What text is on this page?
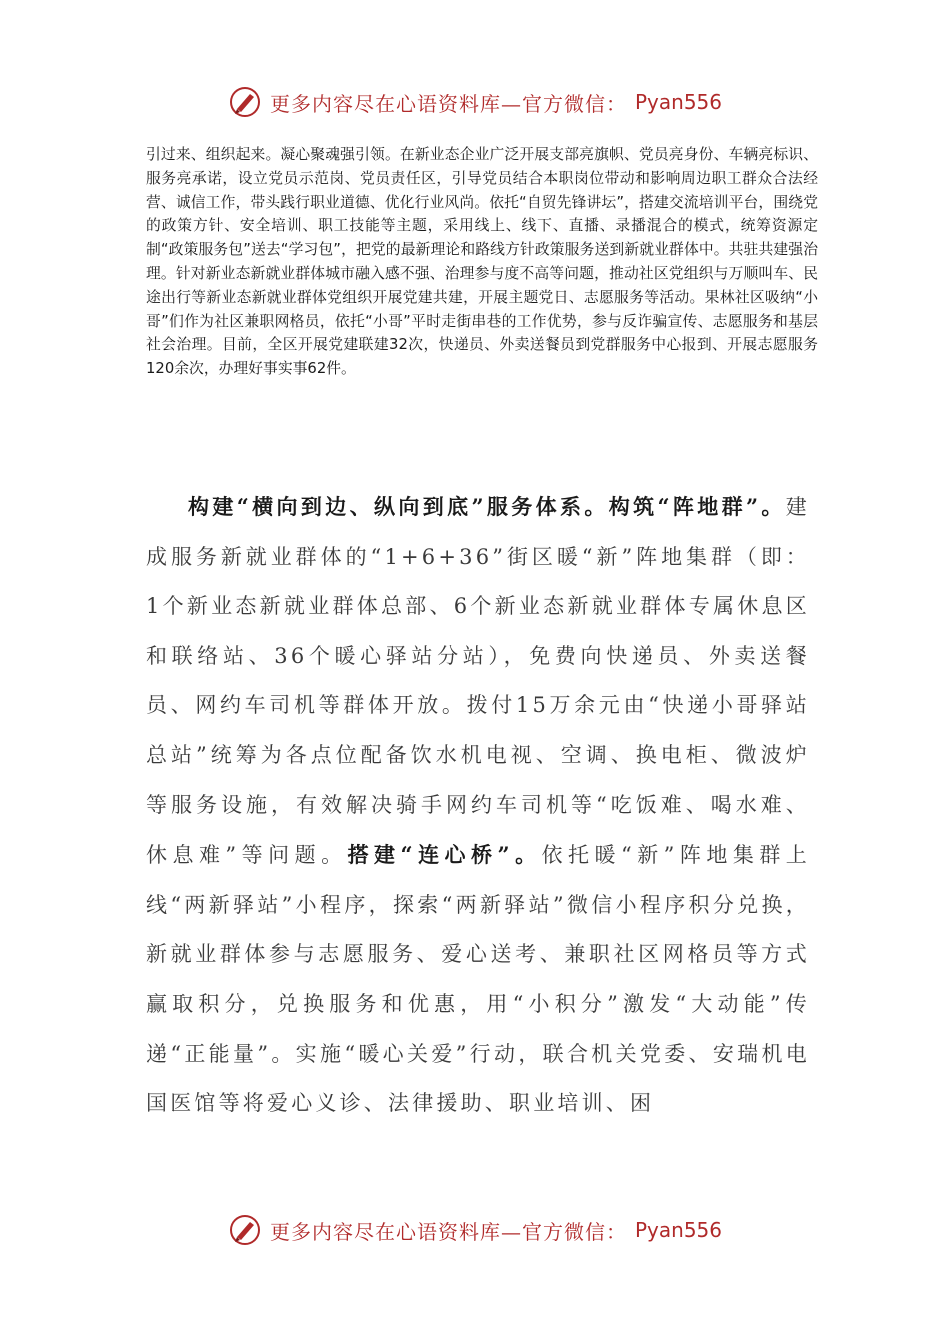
更多内容尽在心语资料库—官方微信： Pyan556

引过来、组织起来。凝心聚魂强引领。在新业态企业广泛开展支部亮旗帜、党员亮身份、车辆亮标识、服务亮承诺，设立党员示范岗、党员责任区，引导党员结合本职岗位带动和影响周边职工群众合法经营、诚信工作，带头践行职业道德、优化行业风尚。依托“自贸先锋讲坛”，搭建交流培训平台，围绕党的政策方针、安全培训、职工技能等主题，采用线上、线下、直播、录播混合的模式，统筹资源定制“政策服务包”送去“学习包”，把党的最新理论和路线方针政策服务送到新就业群体中。共驻共建强治理。针对新业态新就业群体城市融入感不强、治理参与度不高等问题，推动社区党组织与万顺叫车、民途出行等新业态新就业群体党组织开展党建共建，开展主题党日、志愿服务等活动。果林社区吸纳“小哥”们作为社区兼职网格员，依托“小哥”平时走街串巷的工作优势，参与反诈骗宣传、志愿服务和基层社会治理。目前，全区开展党建联建32次，快递员、外卖送餐员到党群服务中心报到、开展志愿服务120余次，办理好事实事62件。

构建“横向到边、纵向到底”服务体系。构筑“阵地群”。建成服务新就业群体的“1+6+36”街区暖“新”阵地集群（即：1个新业态新就业群体总部、6个新业态新就业群体专属休息区和联络站、36个暖心驿站分站），免费向快递员、外卖送餐员、网约车司机等群体开放。拨付15万余元由“快递小哥驿站总站”统筹为各点位配备饮水机电视、空调、换电柜、微波炉等服务设施，有效解决骑手网约车司机等“吃饭难、喝水难、休息难”等问题。搭建“连心桥”。依托暖“新”阵地集群上线“两新驿站”小程序，探索“两新驿站”微信小程序积分兑换，新就业群体参与志愿服务、爱心送考、兼职社区网格员等方式赢取积分，兑换服务和优惠，用“小积分”激发“大动能”传递“正能量”。实施“暖心关爱”行动，联合机关党委、安瑞机电国医馆等将爱心义诊、法律援助、职业培训、困

更多内容尽在心语资料库—官方微信： Pyan556
